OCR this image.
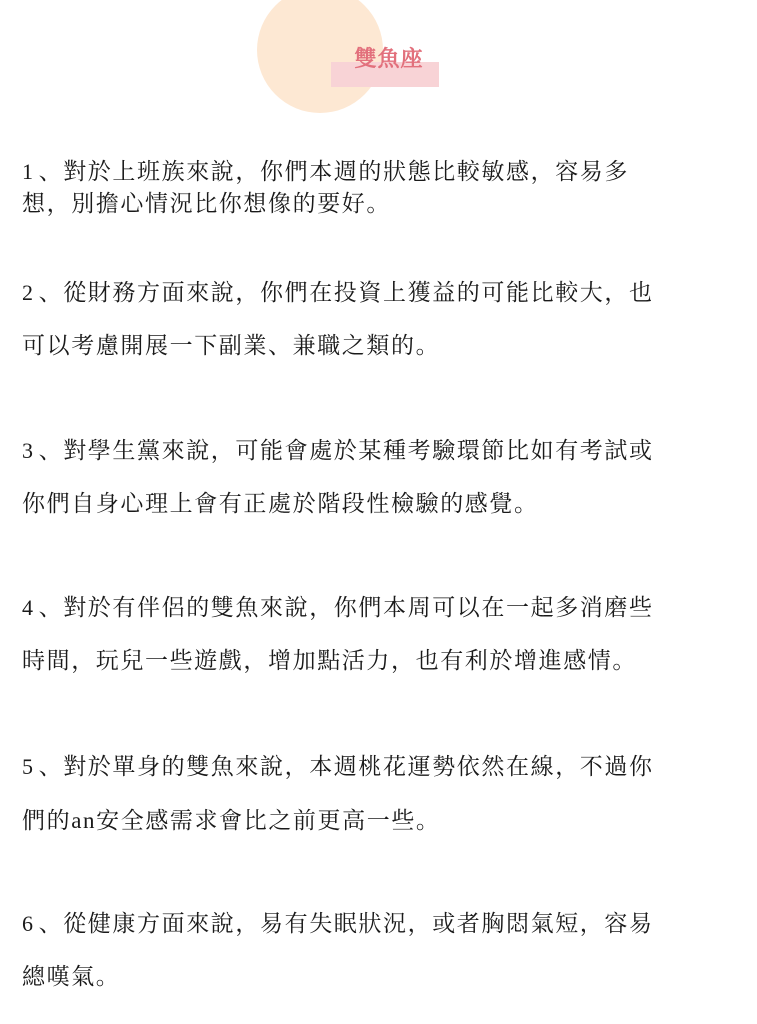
雙魚座
1 、對於上班族來說，你們本週的狀態比較敏感，容易多
想，別擔心情況比你想像的要好。
2 、從財務方面來說，你們在投資上獲益的可能比較大，也
可以考慮開展一下副業、兼職之類的。
3 、對學生黨來說，可能會處於某種考驗環節比如有考試或
你們自身心理上會有正處於階段性檢驗的感覺。
4 、對於有伴侶的雙魚來說，你們本周可以在一起多消磨些
時間，玩兒一些遊戲，增加點活力，也有利於增進感情。
5 、對於單身的雙魚來說，本週桃花運勢依然在線，不過你
們的an安全感需求會比之前更高一些。
6 、從健康方面來說，易有失眠狀況，或者胸悶氣短，容易
總嘆氣。
